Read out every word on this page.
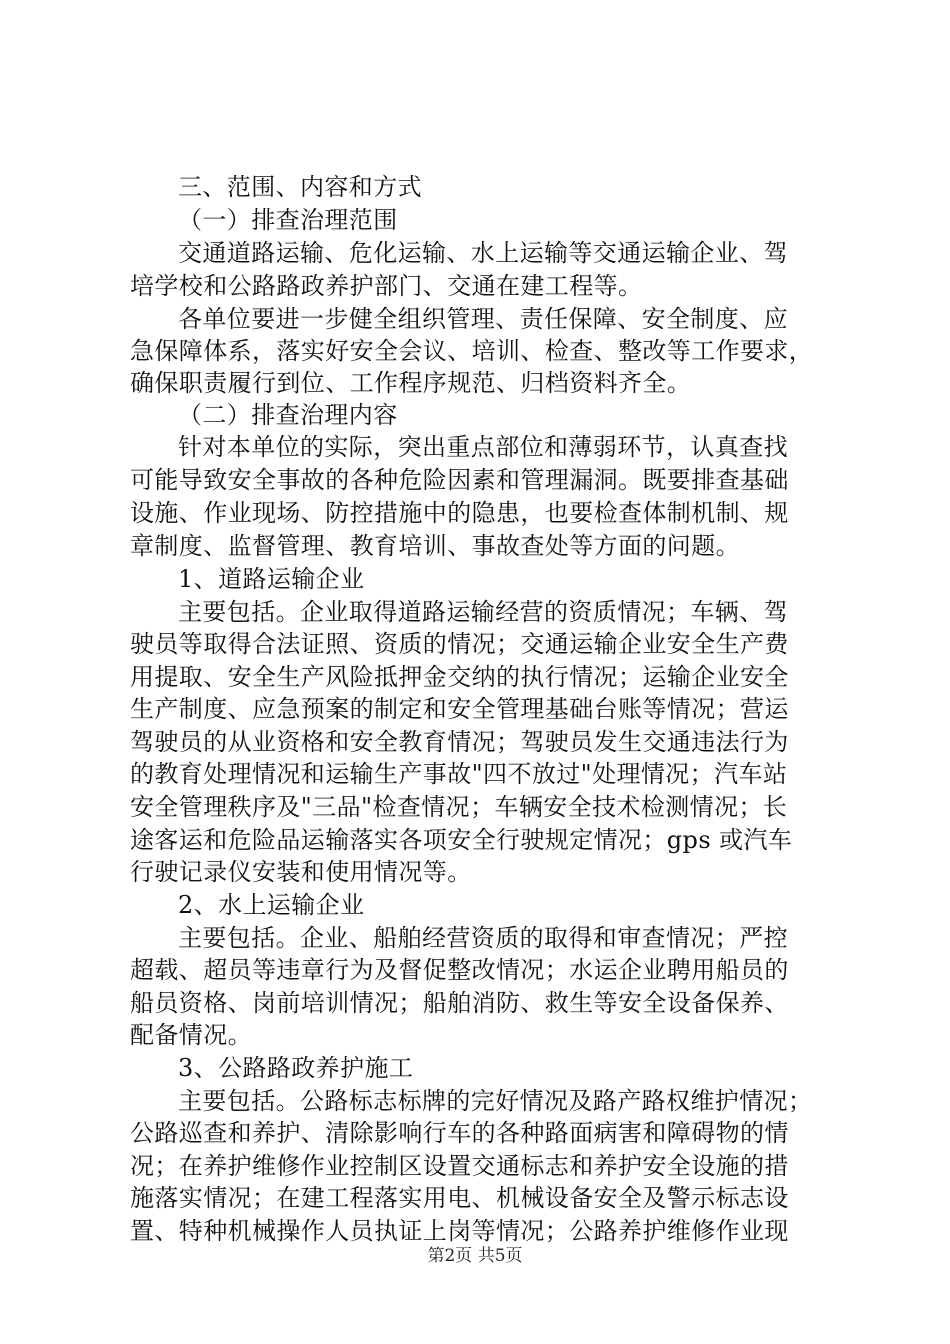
三、范围、内容和方式
（一）排查治理范围
交通道路运输、危化运输、水上运输等交通运输企业、驾
培学校和公路路政养护部门、交通在建工程等。
各单位要进一步健全组织管理、责任保障、安全制度、应
急保障体系，落实好安全会议、培训、检查、整改等工作要求，
确保职责履行到位、工作程序规范、归档资料齐全。
（二）排查治理内容
针对本单位的实际，突出重点部位和薄弱环节，认真查找
可能导致安全事故的各种危险因素和管理漏洞。既要排查基础
设施、作业现场、防控措施中的隐患，也要检查体制机制、规
章制度、监督管理、教育培训、事故查处等方面的问题。
1、道路运输企业
主要包括。企业取得道路运输经营的资质情况；车辆、驾
驶员等取得合法证照、资质的情况；交通运输企业安全生产费
用提取、安全生产风险抵押金交纳的执行情况；运输企业安全
生产制度、应急预案的制定和安全管理基础台账等情况；营运
驾驶员的从业资格和安全教育情况；驾驶员发生交通违法行为
的教育处理情况和运输生产事故"四不放过"处理情况；汽车站
安全管理秩序及"三品"检查情况；车辆安全技术检测情况；长
途客运和危险品运输落实各项安全行驶规定情况；gps 或汽车
行驶记录仪安装和使用情况等。
2、水上运输企业
主要包括。企业、船舶经营资质的取得和审查情况；严控
超载、超员等违章行为及督促整改情况；水运企业聘用船员的
船员资格、岗前培训情况；船舶消防、救生等安全设备保养、
配备情况。
3、公路路政养护施工
主要包括。公路标志标牌的完好情况及路产路权维护情况；
公路巡查和养护、清除影响行车的各种路面病害和障碍物的情
况；在养护维修作业控制区设置交通标志和养护安全设施的措
施落实情况；在建工程落实用电、机械设备安全及警示标志设
置、特种机械操作人员执证上岗等情况；公路养护维修作业现
第2页 共5页
